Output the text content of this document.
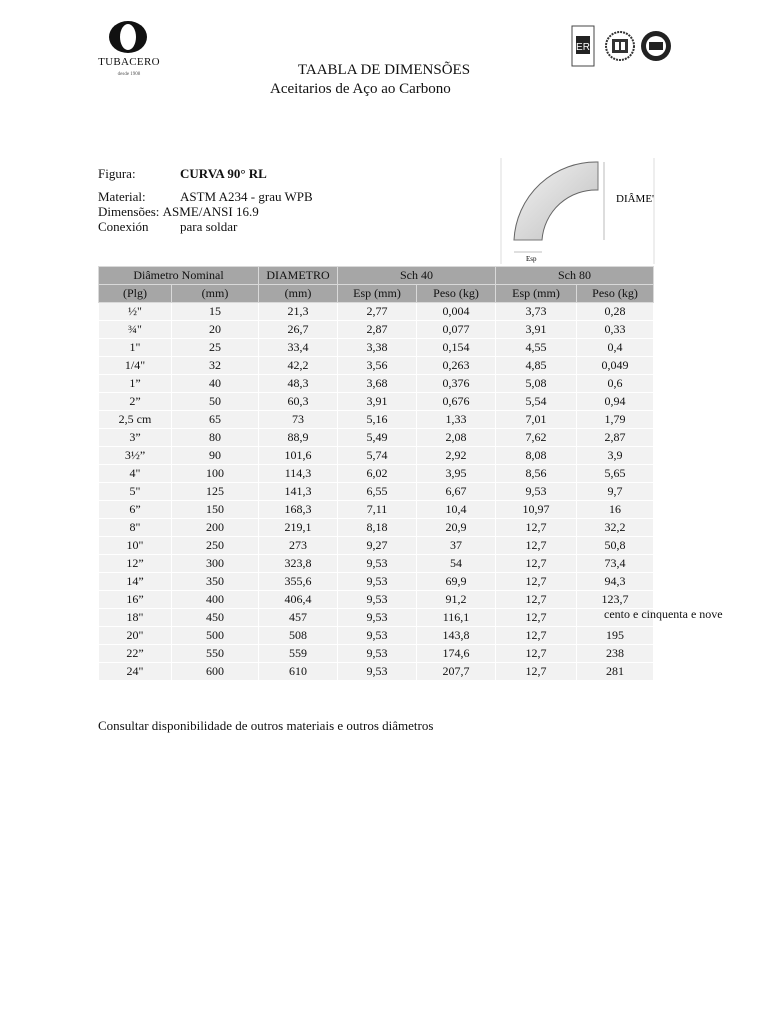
TUBACERO
desde 1908
ER
TAABLA DE DIMENSÕES
Aceitarios de Aço ao Carbono
Figura:	CURVA 90° RL
Material:	ASTM A234 - grau WPB
Dimensões: ASME/ANSI 16.9
Conexión para soldar
DIÂME'
Esp
Diâmetro Nominal		DIAMETRO	Sch 40		Sch 80	
(Plg)	(mm)	(mm)	Esp (mm)	Peso (kg)	Esp (mm)	Peso (kg)
½"	15	21,3	2,77	0,004	3,73	0,28
¾"	20	26,7	2,87	0,077	3,91	0,33
1"	25	33,4	3,38	0,154	4,55	0,4
1/4"	32	42,2	3,56	0,263	4,85	0,049
1”	40	48,3	3,68	0,376	5,08	0,6
2”	50	60,3	3,91	0,676	5,54	0,94
2,5 cm	65	73	5,16	1,33	7,01	1,79
3”	80	88,9	5,49	2,08	7,62	2,87
3½”	90	101,6	5,74	2,92	8,08	3,9
4"	100	114,3	6,02	3,95	8,56	5,65
5"	125	141,3	6,55	6,67	9,53	9,7
6”	150	168,3	7,11	10,4	10,97	16
8"	200	219,1	8,18	20,9	12,7	32,2
10"	250	273	9,27	37	12,7	50,8
12”	300	323,8	9,53	54	12,7	73,4
14”	350	355,6	9,53	69,9	12,7	94,3
16”	400	406,4	9,53	91,2	12,7	123,7
18"	450	457	9,53	116,1	12,7	
20"	500	508	9,53	143,8	12,7	195
22”	550	559	9,53	174,6	12,7	238
24"	600	610	9,53	207,7	12,7	281
cento e cinquenta e nove
Consultar disponibilidade de outros materiais e outros diâmetros
